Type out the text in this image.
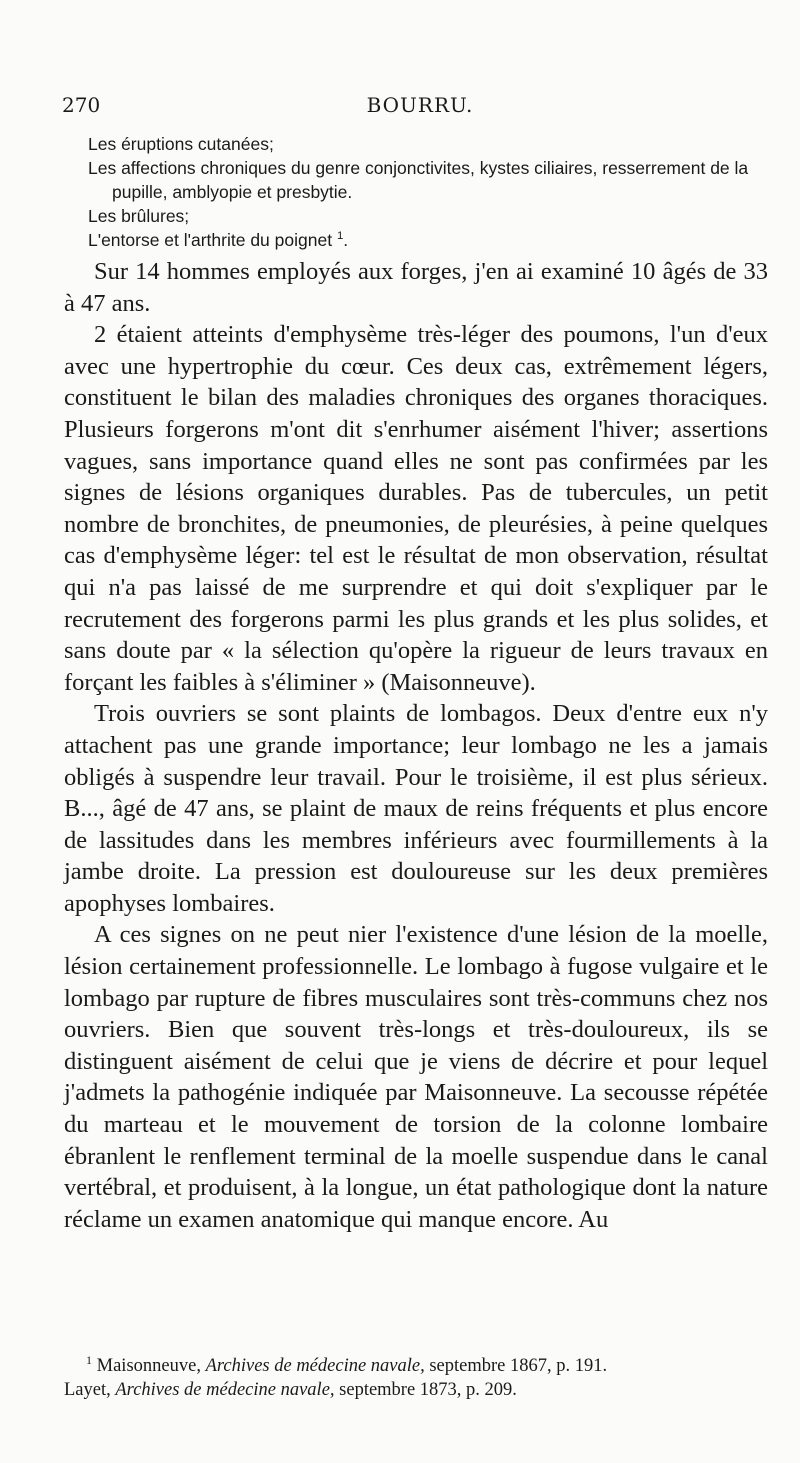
270	BOURRU.

Les éruptions cutanées;

Les affections chroniques du genre conjonctivites, kystes ciliaires, resserrement de la pupille, amblyopie et presbytie.

Les brûlures;

L'entorse et l'arthrite du poignet $^1$.

Sur 14 hommes employés aux forges, j'en ai examiné 10 âgés de 33 à 47 ans.

2 étaient atteints d'emphysème très-léger des poumons, l'un d'eux avec une hypertrophie du cœur. Ces deux cas, extrêmement légers, constituent le bilan des maladies chroniques des organes thoraciques. Plusieurs forgerons m'ont dit s'enrhumer aisément l'hiver; assertions vagues, sans importance quand elles ne sont pas confirmées par les signes de lésions organiques durables. Pas de tubercules, un petit nombre de bronchites, de pneumonies, de pleurésies, à peine quelques cas d'emphysème léger: tel est le résultat de mon observation, résultat qui n'a pas laissé de me surprendre et qui doit s'expliquer par le recrutement des forgerons parmi les plus grands et les plus solides, et sans doute par « la sélection qu'opère la rigueur de leurs travaux en forçant les faibles à s'éliminer » (Maisonneuve).

Trois ouvriers se sont plaints de lombagos. Deux d'entre eux n'y attachent pas une grande importance; leur lombago ne les a jamais obligés à suspendre leur travail. Pour le troisième, il est plus sérieux. B..., âgé de 47 ans, se plaint de maux de reins fréquents et plus encore de lassitudes dans les membres inférieurs avec fourmillements à la jambe droite. La pression est douloureuse sur les deux premières apophyses lombaires.

A ces signes on ne peut nier l'existence d'une lésion de la moelle, lésion certainement professionnelle. Le lombago à fugose vulgaire et le lombago par rupture de fibres musculaires sont très-communs chez nos ouvriers. Bien que souvent très-longs et très-douloureux, ils se distinguent aisément de celui que je viens de décrire et pour lequel j'admets la pathogénie indiquée par Maisonneuve. La secousse répétée du marteau et le mouvement de torsion de la colonne lombaire ébranlent le renflement terminal de la moelle suspendue dans le canal vertébral, et produisent, à la longue, un état pathologique dont la nature réclame un examen anatomique qui manque encore. Au

$^1$ Maisonneuve, Archives de médecine navale, septembre 1867, p. 191.

Layet, Archives de médecine navale, septembre 1873, p. 209.
